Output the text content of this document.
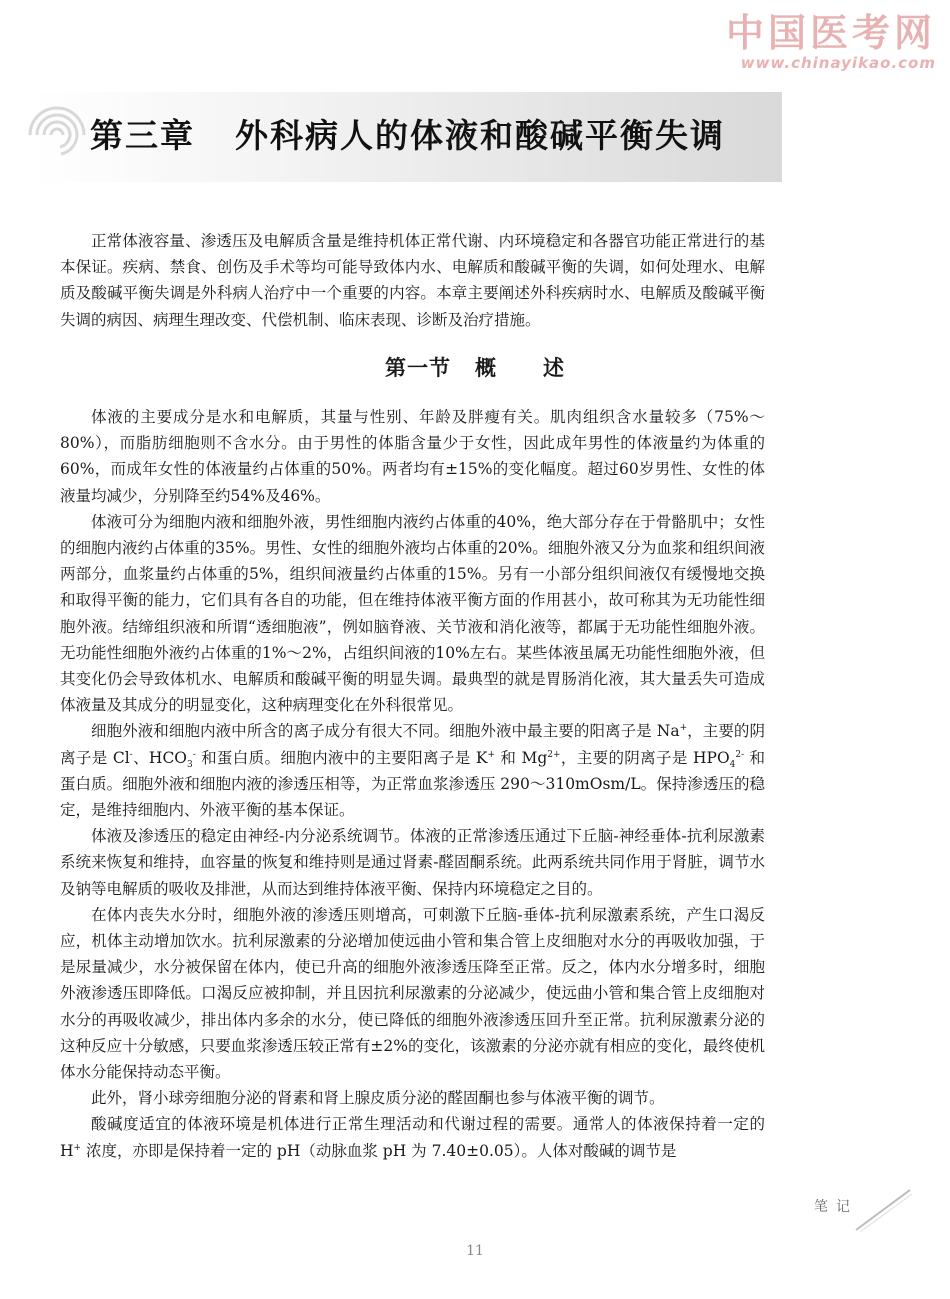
中国医考网
www.chinayikao.com
第三章 外科病人的体液和酸碱平衡失调

正常体液容量、渗透压及电解质含量是维持机体正常代谢、内环境稳定和各器官功能正常进行的基本保证。疾病、禁食、创伤及手术等均可能导致体内水、电解质和酸碱平衡的失调，如何处理水、电解质及酸碱平衡失调是外科病人治疗中一个重要的内容。本章主要阐述外科疾病时水、电解质及酸碱平衡失调的病因、病理生理改变、代偿机制、临床表现、诊断及治疗措施。

第一节 概 述

体液的主要成分是水和电解质，其量与性别、年龄及胖瘦有关。肌肉组织含水量较多（75%～80%），而脂肪细胞则不含水分。由于男性的体脂含量少于女性，因此成年男性的体液量约为体重的60%，而成年女性的体液量约占体重的50%。两者均有±15%的变化幅度。超过60岁男性、女性的体液量均减少，分别降至约54%及46%。

体液可分为细胞内液和细胞外液，男性细胞内液约占体重的40%，绝大部分存在于骨骼肌中；女性的细胞内液约占体重的35%。男性、女性的细胞外液均占体重的20%。细胞外液又分为血浆和组织间液两部分，血浆量约占体重的5%，组织间液量约占体重的15%。另有一小部分组织间液仅有缓慢地交换和取得平衡的能力，它们具有各自的功能，但在维持体液平衡方面的作用甚小，故可称其为无功能性细胞外液。结缔组织液和所谓“透细胞液”，例如脑脊液、关节液和消化液等，都属于无功能性细胞外液。无功能性细胞外液约占体重的1%～2%，占组织间液的10%左右。某些体液虽属无功能性细胞外液，但其变化仍会导致体机水、电解质和酸碱平衡的明显失调。最典型的就是胃肠消化液，其大量丢失可造成体液量及其成分的明显变化，这种病理变化在外科很常见。

细胞外液和细胞内液中所含的离子成分有很大不同。细胞外液中最主要的阳离子是 Na+，主要的阴离子是 Cl-、$HCO_3^-$ 和蛋白质。细胞内液中的主要阳离子是 K+ 和 $Mg^{2+}$，主要的阴离子是 $HPO_4^{2-}$ 和蛋白质。细胞外液和细胞内液的渗透压相等，为正常血浆渗透压 290～310mOsm/L。保持渗透压的稳定，是维持细胞内、外液平衡的基本保证。

体液及渗透压的稳定由神经-内分泌系统调节。体液的正常渗透压通过下丘脑-神经垂体-抗利尿激素系统来恢复和维持，血容量的恢复和维持则是通过肾素-醛固酮系统。此两系统共同作用于肾脏，调节水及钠等电解质的吸收及排泄，从而达到维持体液平衡、保持内环境稳定之目的。

在体内丧失水分时，细胞外液的渗透压则增高，可刺激下丘脑-垂体-抗利尿激素系统，产生口渴反应，机体主动增加饮水。抗利尿激素的分泌增加使远曲小管和集合管上皮细胞对水分的再吸收加强，于是尿量减少，水分被保留在体内，使已升高的细胞外液渗透压降至正常。反之，体内水分增多时，细胞外液渗透压即降低。口渴反应被抑制，并且因抗利尿激素的分泌减少，使远曲小管和集合管上皮细胞对水分的再吸收减少，排出体内多余的水分，使已降低的细胞外液渗透压回升至正常。抗利尿激素分泌的这种反应十分敏感，只要血浆渗透压较正常有±2%的变化，该激素的分泌亦就有相应的变化，最终使机体水分能保持动态平衡。

此外，肾小球旁细胞分泌的肾素和肾上腺皮质分泌的醛固酮也参与体液平衡的调节。

酸碱度适宜的体液环境是机体进行正常生理活动和代谢过程的需要。通常人的体液保持着一定的 H+ 浓度，亦即是保持着一定的 pH（动脉血浆 pH 为 7.40±0.05）。人体对酸碱的调节是

笔记
11
